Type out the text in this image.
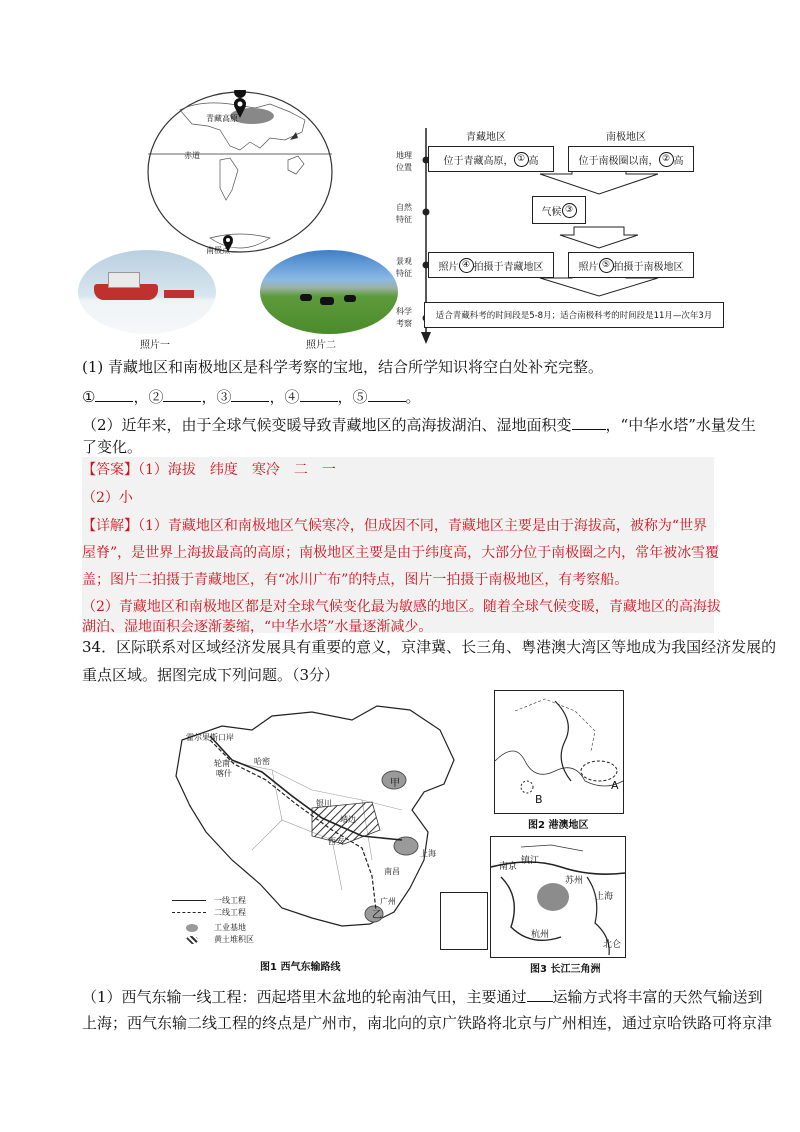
青藏高原
赤道
南极点
照片一	照片二
青藏地区	南极地区
地理位置
自然特征
景观特征
科学考察
位于青藏高原， ① 高	位于南极圈以南， ② 高
气候 ③
照片 ④ 拍摄于青藏地区	照片 ⑤ 拍摄于南极地区
适合青藏科考的时间段是5-8月；适合南极科考的时间段是11月—次年3月
(1) 青藏地区和南极地区是科学考察的宝地，结合所学知识将空白处补充完整。
①	，②	，③	，④	，⑤	。
（2）近年来，由于全球气候变暖导致青藏地区的高海拔湖泊、湿地面积变 ，“中华水塔”水量发生
了变化。
【答案】（1）海拔　纬度　寒冷　二　一
（2）小
【详解】（1）青藏地区和南极地区气候寒冷，但成因不同，青藏地区主要是由于海拔高，被称为“世界
屋脊”，是世界上海拔最高的高原；南极地区主要是由于纬度高，大部分位于南极圈之内，常年被冰雪覆
盖；图片二拍摄于青藏地区，有“冰川广布”的特点，图片一拍摄于南极地区，有考察船。
（2）青藏地区和南极地区都是对全球气候变化最为敏感的地区。随着全球气候变暖，青藏地区的高海拔
湖泊、湿地面积会逐渐萎缩，“中华水塔”水量逐渐减少。
34．区际联系对区域经济发展具有重要的意义，京津冀、长三角、粤港澳大湾区等地成为我国经济发展的
重点区域。据图完成下列问题。（3分）
霍尔果斯口岸
轮南
喀什
哈密
银川
靖边
西安
上海
南昌
广州
甲
乙
一线工程
二线工程
工业基地
黄土堆积区
图1 西气东输路线
A
B
图2 港澳地区
南京
镇江
苏州
上海
杭州
北仑
图3 长江三角洲
（1）西气东输一线工程：西起塔里木盆地的轮南油气田，主要通过 运输方式将丰富的天然气输送到
上海；西气东输二线工程的终点是广州市，南北向的京广铁路将北京与广州相连，通过京哈铁路可将京津
